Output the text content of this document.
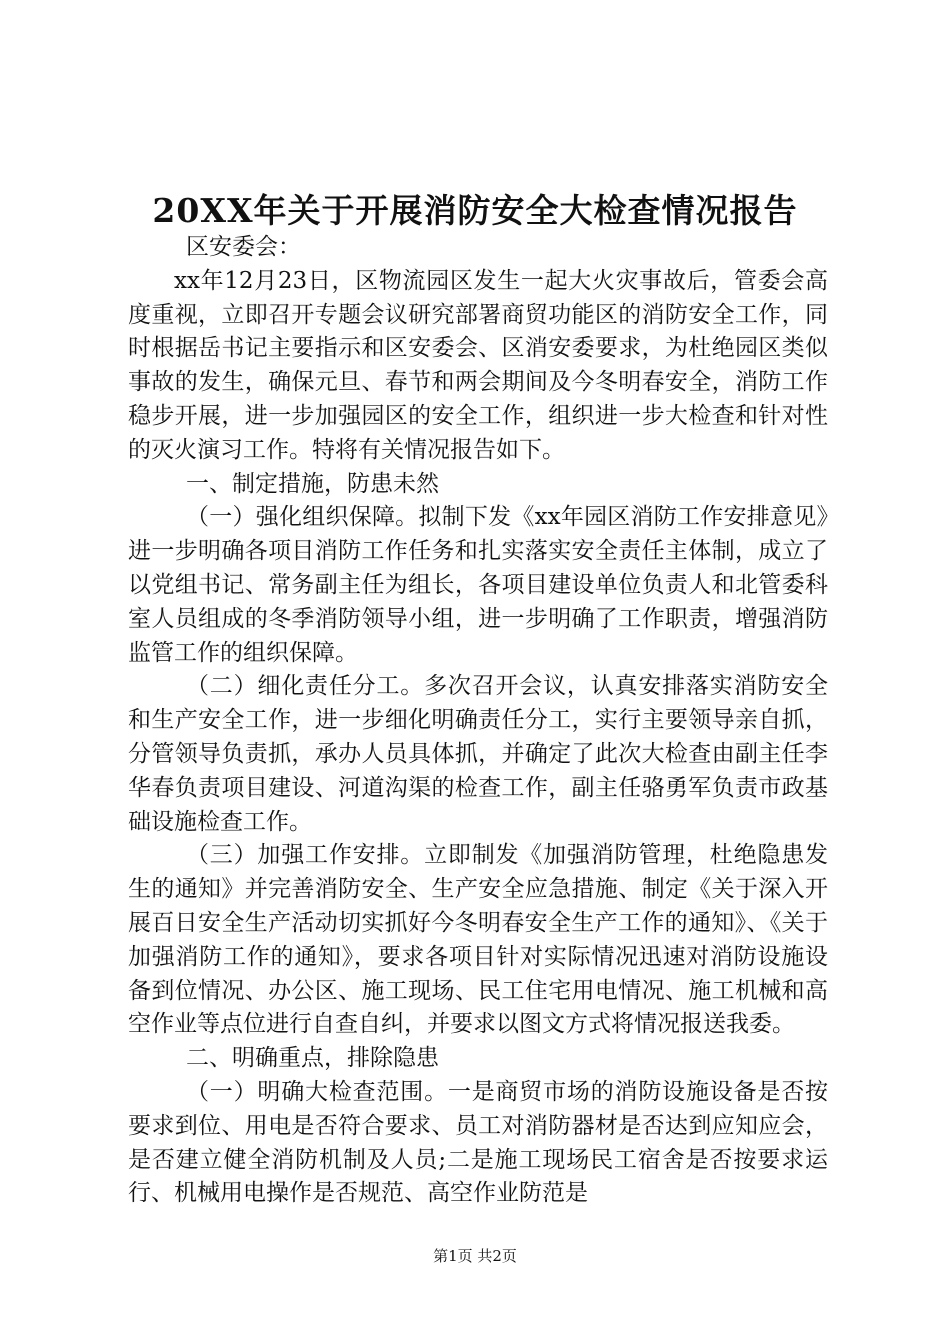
20XX年关于开展消防安全大检查情况报告

区安委会：

xx年12月23日，区物流园区发生一起大火灾事故后，管委会高度重视，立即召开专题会议研究部署商贸功能区的消防安全工作，同时根据岳书记主要指示和区安委会、区消安委要求，为杜绝园区类似事故的发生，确保元旦、春节和两会期间及今冬明春安全，消防工作稳步开展，进一步加强园区的安全工作，组织进一步大检查和针对性的灭火演习工作。特将有关情况报告如下。

一、制定措施，防患未然

（一）强化组织保障。拟制下发《xx年园区消防工作安排意见》进一步明确各项目消防工作任务和扎实落实安全责任主体制，成立了以党组书记、常务副主任为组长，各项目建设单位负责人和北管委科室人员组成的冬季消防领导小组，进一步明确了工作职责，增强消防监管工作的组织保障。

（二）细化责任分工。多次召开会议，认真安排落实消防安全和生产安全工作，进一步细化明确责任分工，实行主要领导亲自抓，分管领导负责抓，承办人员具体抓，并确定了此次大检查由副主任李华春负责项目建设、河道沟渠的检查工作，副主任骆勇军负责市政基础设施检查工作。

（三）加强工作安排。立即制发《加强消防管理，杜绝隐患发生的通知》并完善消防安全、生产安全应急措施、制定《关于深入开展百日安全生产活动切实抓好今冬明春安全生产工作的通知》、《关于加强消防工作的通知》，要求各项目针对实际情况迅速对消防设施设备到位情况、办公区、施工现场、民工住宅用电情况、施工机械和高空作业等点位进行自查自纠，并要求以图文方式将情况报送我委。

二、明确重点，排除隐患

（一）明确大检查范围。一是商贸市场的消防设施设备是否按要求到位、用电是否符合要求、员工对消防器材是否达到应知应会，是否建立健全消防机制及人员;二是施工现场民工宿舍是否按要求运行、机械用电操作是否规范、高空作业防范是

第1页 共2页
